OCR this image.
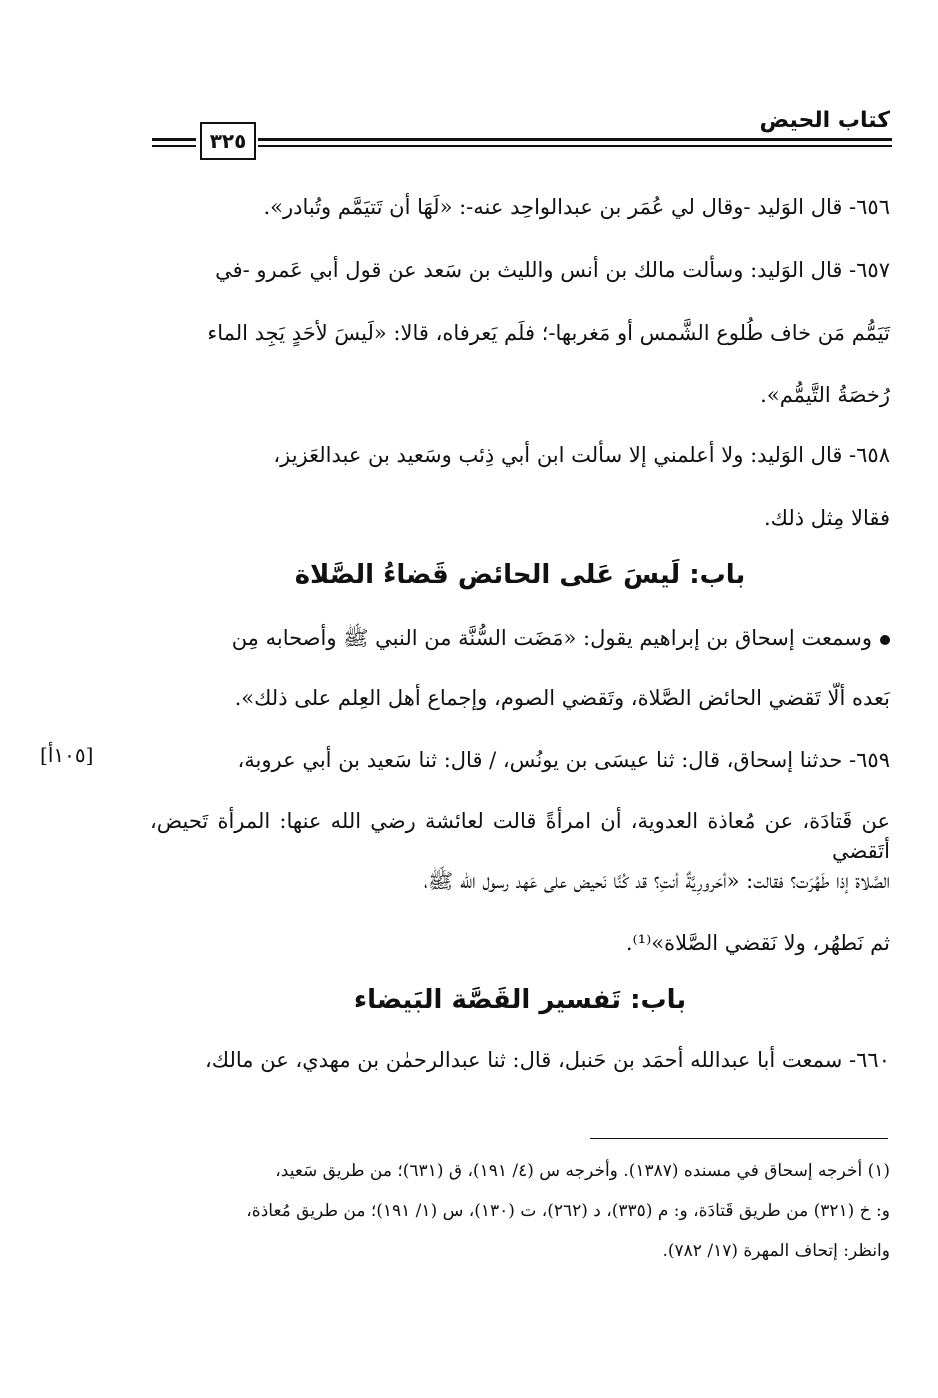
كتاب الحيض
٣٢٥
٦٥٦- قال الوَليد -وقال لي عُمَر بن عبدالواحِد عنه-: «لَهَا أن تَتيَمَّم وتُبادر».
٦٥٧- قال الوَليد: وسألت مالك بن أنس والليث بن سَعد عن قول أبي عَمرو -في
تَيَمُّم مَن خاف طُلوع الشَّمس أو مَغربها-؛ فلَم يَعرفاه، قالا: «لَيسَ لأحَدٍ يَجِد الماء
رُخصَةُ التَّيمُّم».
٦٥٨- قال الوَليد: ولا أعلمني إلا سألت ابن أبي ذِئب وسَعيد بن عبدالعَزيز،
فقالا مِثل ذلك.
باب: لَيسَ عَلى الحائض قَضاءُ الصَّلاة
وسمعت إسحاق بن إبراهيم يقول: «مَضَت السُّنَّة من النبي ﷺ وأصحابه مِن
بَعده ألّا تَقضي الحائض الصَّلاة، وتَقضي الصوم، وإجماع أهل العِلم على ذلك».
٦٥٩- حدثنا إسحاق، قال: ثنا عيسَى بن يونُس، / قال: ثنا سَعيد بن أبي عروبة،
[١٠٥أ]
عن قَتادَة، عن مُعاذة العدوية، أن امرأةً قالت لعائشة رضي الله عنها: المرأة تَحيض، أتَقضي
الصَّلاة إذا طَهُرَت؟ فقالت: «أحَرورِيَّةٌ أنتِ؟ قد كُنَّا نَحيض على عَهد رسول الله ﷺ،
ثم نَطهُر، ولا نَقضي الصَّلاة»⁽¹⁾.
باب: تَفسير القَصَّة البَيضاء
٦٦٠- سمعت أبا عبدالله أحمَد بن حَنبل، قال: ثنا عبدالرحمٰن بن مهدي، عن مالك،
(١) أخرجه إسحاق في مسنده (١٣٨٧). وأخرجه س (٤/ ١٩١)، ق (٦٣١)؛ من طريق سَعيد،
و: خ (٣٢١) من طريق قَتادَة، و: م (٣٣٥)، د (٢٦٢)، ت (١٣٠)، س (١/ ١٩١)؛ من طريق مُعاذة،
وانظر: إتحاف المهرة (١٧/ ٧٨٢).
